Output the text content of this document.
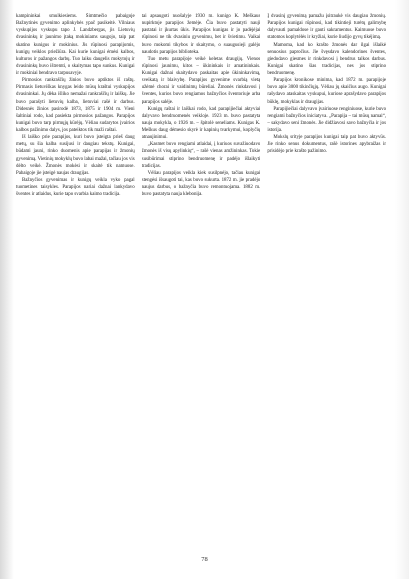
kampininkai smulkiesiems. Šimtmečio pabaigoje Bažnytinės gyvenimo aplinkybės ypač pasikeitė. Vilniaus vyskupijos vyskupu tapo J. Landzbergas, jis Lietuvių dvasininkų ir jaunimo įtaką mokiniams saugojo, taip pat skatino kunigus ir mokinius. Jis rūpinosi parapijomis, kunigų veiklos priežiūra. Kai kurie kunigai ėmėsi kalbos, kulturos ir pažangos darbų. Tuo laiku daugelis mokytojų ir dvasininkų buvo ištremti, o skaitymas tapo sunkus. Kunigai ir mokiniai bendravo tarpusavyje.

Pirmosios rankraščių žinios buvo aptiktos iš raštų. Pirmasis lietuviškas knygas leido mūsų kraštui vyskupijos dvasininkai. Jų dėka išliko nemažai rankraščių ir laiškų. Jie buvo parašyti lietuvių kalba, lietuviai rašė ir darbus. Didesnės žinios pasirodė 1873, 1875 ir 1904 m. Vieni šaltiniai rodo, kad pasiekta pirmosios pažangos. Parapijos kunigai buvo tarp pirmųjų kūrėjų. Vėliau sudarytos įvairios kalbos pažinimo dalys, jos pateiktos tik maži raštai.

Iš laiško prie parapijos, kuri buvo įsteigta prieš daug metų, su šia kalba susijusi ir daugiau tekstų. Kunigai, būdami jauni, rinko duomenis apie parapijas ir žmonių gyvenimą. Vietinių mokyklų buvo labai mažai, tačiau jos vis dėlto veikė. Žmonės mokėsi ir skaitė tik namuose. Pabaigoje jie įsteigė naujas draugijas.

Bažnyčios gyvenimas ir kunigų veikla vyko pagal tuometines taisykles. Parapijos nariai dažnai lankydavo šventes ir atlaidus, kurie tapo svarbia kaimo tradicija.

tai apsaugoti nuošalyje 1930 m. kunigo K. Meškaus nupirktoje parapijos žemėje. Čia buvo pastatyti nauji pastatai ir įkurtas ūkis. Parapijos kunigas ir jo padėjėjai rūpinosi ne tik dvasiniu gyvenimu, bet ir švietimu. Vaikai buvo mokomi tikybos ir skaitymo, o suaugusieji galėjo naudotis parapijos biblioteka.

Tuo metu parapijoje veikė keletas draugijų. Vienos rūpinosi jaunimu, kitos – ūkininkais ir amatininkais. Kunigai dažnai skaitydavo paskaitas apie ūkininkavimą, sveikatą ir blaivybę. Parapijos gyvenime svarbią vietą užėmė chorai ir vaidinimų būreliai. Žmonės rinkdavosi į šventes, kurios buvo rengiamos bažnyčios šventoriuje arba parapijos salėje.

Kunigų raštai ir laiškai rodo, kad parapijiečiai aktyviai dalyvavo bendruomenės veikloje. 1923 m. buvo pastatyta nauja mokykla, o 1926 m. – špitolė seneliams. Kunigas K. Meškus daug dėmesio skyrė ir kapinių tvarkymui, koplyčių atnaujinimui.

„Kasmet buvo rengiami atlaidai, į kuriuos suvažiuodavo žmonės iš visų apylinkių“, – rašė vienas amžininkas. Tokie susibūrimai stiprino bendruomenę ir padėjo išlaikyti tradicijas.

Vėliau parapijos veikla kiek susilpnėjo, tačiau kunigai stengėsi išsaugoti tai, kas buvo sukurta. 1872 m. jie pradėjo naujus darbus, o bažnyčia buvo remontuojama. 1882 m. buvo pastatyta nauja klebonija.

Į dvasinį gyvenimą pamažu įsitraukė vis daugiau žmonių. Parapijos kunigai rūpinosi, kad tikintieji turėtų galimybę dalyvauti pamaldose ir gauti sakramentus. Kaimuose buvo statomos koplytėlės ir kryžiai, kurie liudijo gyvų tikėjimą.

Mamoma, kad ko krašto žmonės dar ilgai išlaikė senuosius papročius. Jie švęsdavo kalendorines šventes, giedodavo giesmes ir rinkdavosi į bendrus talkos darbus. Kunigai skatino šias tradicijas, nes jos stiprino bendruomenę.

Parapijos kronikose minima, kad 1872 m. parapijoje buvo apie 3000 tikinčiųjų. Vėliau jų skaičius augo. Kunigai rašydavo ataskaitas vyskupui, kuriose aprašydavo parapijos būklę, mokyklas ir draugijas.

Parapijiečiai dalyvavo įvairiuose renginiuose, kurie buvo rengiami bažnyčios iniciatyva. „Parapija – tai mūsų namai“, – sakydavo seni žmonės. Jie didžiavosi savo bažnyčia ir jos istorija.

Mokslų srityje parapijos kunigai taip pat buvo aktyvūs. Jie rinko senus dokumentus, rašė istorines apybraižas ir prisidėjo prie krašto pažinimo.

78
